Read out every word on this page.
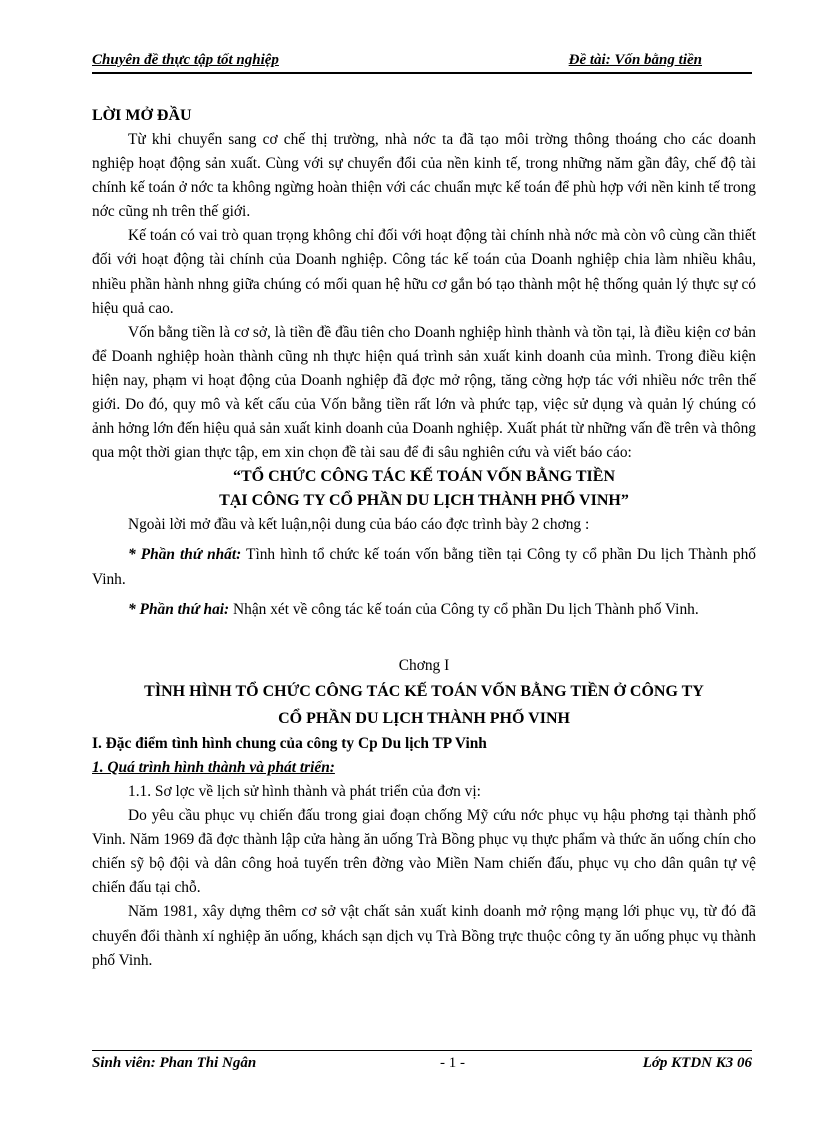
Chuyên đề thực tập tốt nghiệp	Đề tài: Vốn bằng tiền

LỜI MỞ ĐẦU

Từ khi chuyển sang cơ chế thị trường, nhà nớc ta đã tạo môi trờng thông thoáng cho các doanh nghiệp hoạt động sản xuất. Cùng với sự chuyển đổi của nền kinh tế, trong những năm gần đây, chế độ tài chính kế toán ở nớc ta không ngừng hoàn thiện với các chuẩn mực kế toán để phù hợp với nền kinh tế trong nớc cũng nh trên thế giới.

Kế toán có vai trò quan trọng không chỉ đối với hoạt động tài chính nhà nớc mà còn vô cùng cần thiết đối với hoạt động tài chính của Doanh nghiệp. Công tác kế toán của Doanh nghiệp chia làm nhiều khâu, nhiều phần hành nhng giữa chúng có mối quan hệ hữu cơ gắn bó tạo thành một hệ thống quản lý thực sự có hiệu quả cao.

Vốn bằng tiền là cơ sở, là tiền đề đầu tiên cho Doanh nghiệp hình thành và tồn tại, là điều kiện cơ bản để Doanh nghiệp hoàn thành cũng nh thực hiện quá trình sản xuất kinh doanh của mình. Trong điều kiện hiện nay, phạm vi hoạt động của Doanh nghiệp đã đợc mở rộng, tăng cờng hợp tác với nhiều nớc trên thế giới. Do đó, quy mô và kết cấu của Vốn bằng tiền rất lớn và phức tạp, việc sử dụng và quản lý chúng có ảnh hởng lớn đến hiệu quả sản xuất kinh doanh của Doanh nghiệp. Xuất phát từ những vấn đề trên và thông qua một thời gian thực tập, em xin chọn đề tài sau để đi sâu nghiên cứu và viết báo cáo:

“TỔ CHỨC CÔNG TÁC KẾ TOÁN VỐN BẰNG TIỀN
TẠI CÔNG TY CỔ PHẦN DU LỊCH THÀNH PHỐ VINH”

Ngoài lời mở đầu và kết luận,nội dung của báo cáo đợc trình bày 2 chơng :

* Phần thứ nhất: Tình hình tổ chức kế toán vốn bằng tiền tại Công ty cổ phần Du lịch Thành phố Vinh.

* Phần thứ hai: Nhận xét về công tác kế toán của Công ty cổ phần Du lịch Thành phố Vinh.

Chơng I

TÌNH HÌNH TỔ CHỨC CÔNG TÁC KẾ TOÁN VỐN BẰNG TIỀN Ở CÔNG TY
CỔ PHẦN DU LỊCH THÀNH PHỐ VINH

I. Đặc điểm tình hình chung của công ty Cp Du lịch TP Vinh

1. Quá trình hình thành và phát triển:

1.1. Sơ lợc về lịch sử hình thành và phát triển của đơn vị:

Do yêu cầu phục vụ chiến đấu trong giai đoạn chống Mỹ cứu nớc phục vụ hậu phơng tại thành phố Vinh. Năm 1969 đã đợc thành lập cửa hàng ăn uống Trà Bồng phục vụ thực phẩm và thức ăn uống chín cho chiến sỹ bộ đội và dân công hoả tuyến trên đờng vào Miền Nam chiến đấu, phục vụ cho dân quân tự vệ chiến đấu tại chỗ.

Năm 1981, xây dựng thêm cơ sở vật chất sản xuất kinh doanh mở rộng mạng lới phục vụ, từ đó đã chuyển đổi thành xí nghiệp ăn uống, khách sạn dịch vụ Trà Bồng trực thuộc công ty ăn uống phục vụ thành phố Vinh.

Sinh viên: Phan Thi Ngân	- 1 -	Lớp KTDN K3 06
